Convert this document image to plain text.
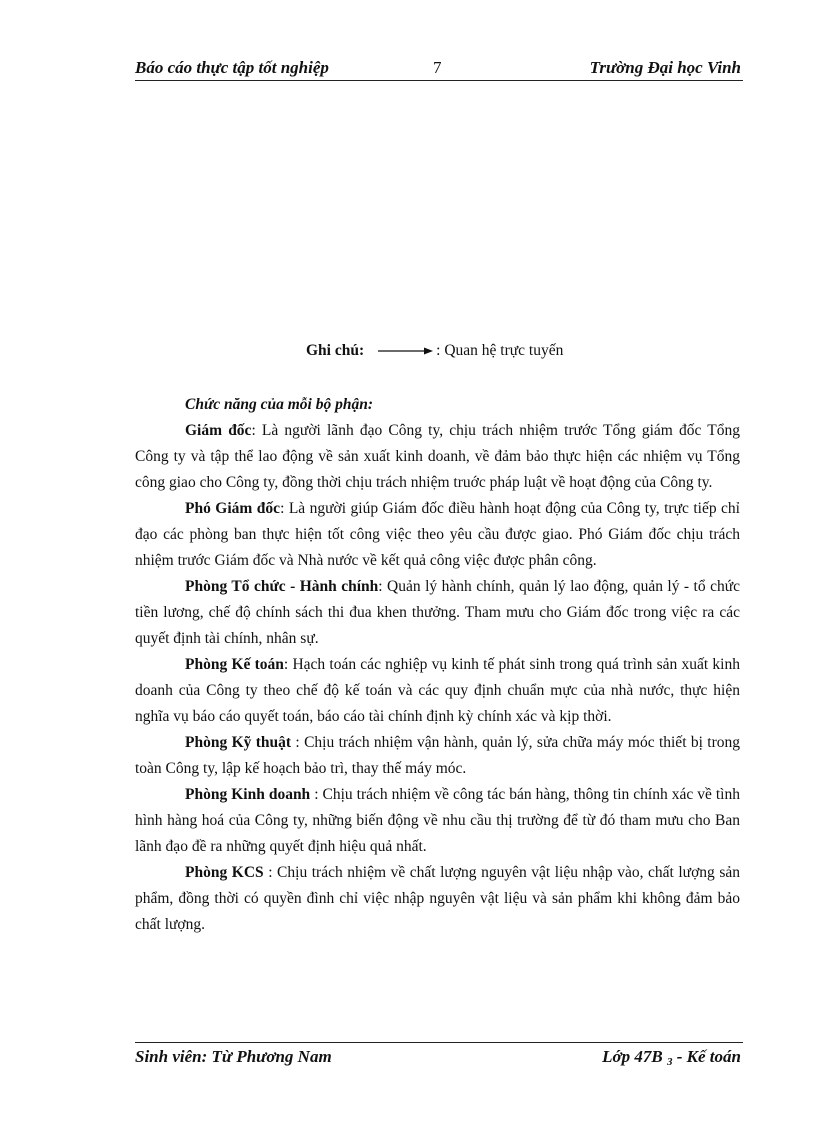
Báo cáo thực tập tốt nghiệp	7	Trường Đại học Vinh
Ghi chú:	: Quan hệ trực tuyến
Chức năng của mỗi bộ phận:

Giám đốc: Là người lãnh đạo Công ty, chịu trách nhiệm trước Tổng giám đốc Tổng Công ty và tập thể lao động về sản xuất kinh doanh, về đảm bảo thực hiện các nhiệm vụ Tổng công giao cho Công ty, đồng thời chịu trách nhiệm truớc pháp luật về hoạt động của Công ty.

Phó Giám đốc: Là người giúp Giám đốc điều hành hoạt động của Công ty, trực tiếp chỉ đạo các phòng ban thực hiện tốt công việc theo yêu cầu được giao. Phó Giám đốc chịu trách nhiệm trước Giám đốc và Nhà nước về kết quả công việc được phân công.

Phòng Tổ chức - Hành chính: Quản lý hành chính, quản lý lao động, quản lý - tổ chức tiền lương, chế độ chính sách thi đua khen thưởng. Tham mưu cho Giám đốc trong việc ra các quyết định tài chính, nhân sự.

Phòng Kế toán: Hạch toán các nghiệp vụ kinh tế phát sinh trong quá trình sản xuất kinh doanh của Công ty theo chế độ kế toán và các quy định chuẩn mực của nhà nước, thực hiện nghĩa vụ báo cáo quyết toán, báo cáo tài chính định kỳ chính xác và kịp thời.

Phòng Kỹ thuật : Chịu trách nhiệm vận hành, quản lý, sửa chữa máy móc thiết bị trong toàn Công ty, lập kế hoạch bảo trì, thay thế máy móc.

Phòng Kinh doanh : Chịu trách nhiệm về công tác bán hàng, thông tin chính xác về tình hình hàng hoá của Công ty, những biến động về nhu cầu thị trường để từ đó tham mưu cho Ban lãnh đạo đề ra những quyết định hiệu quả nhất.

Phòng KCS : Chịu trách nhiệm về chất lượng nguyên vật liệu nhập vào, chất lượng sản phẩm, đồng thời có quyền đình chỉ việc nhập nguyên vật liệu và sản phẩm khi không đảm bảo chất lượng.

Sinh viên: Từ Phương Nam	Lớp 47B $_3$ - Kế toán
